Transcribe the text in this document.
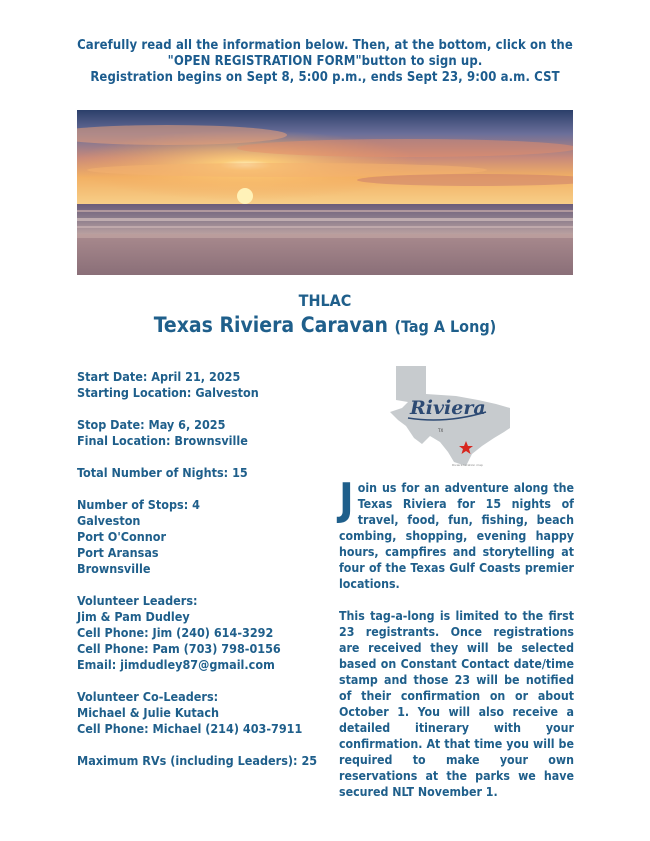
Carefully read all the information below. Then, at the bottom, click on the
"OPEN REGISTRATION FORM"button to sign up.
Registration begins on Sept 8, 5:00 p.m., ends Sept 23, 9:00 a.m. CST
THLAC
Texas Riviera Caravan (Tag A Long)
Start Date: April 21, 2025
Starting Location: Galveston
Stop Date: May 6, 2025
Final Location: Brownsville
Total Number of Nights: 15
Number of Stops: 4
Galveston
Port O'Connor
Port Aransas
Brownsville
Volunteer Leaders:
Jim & Pam Dudley
Cell Phone: Jim (240) 614-3292
Cell Phone: Pam (703) 798-0156
Email: jimdudley87@gmail.com
Volunteer Co-Leaders:
Michael & Julie Kutach
Cell Phone: Michael (214) 403-7911
Maximum RVs (including Leaders): 25
Riviera
TX
Riviera location map

Join us for an adventure along the Texas Riviera for 15 nights of travel, food, fun, fishing, beach combing, shopping, evening happy hours, campfires and storytelling at four of the Texas Gulf Coasts premier locations.

This tag-a-long is limited to the first 23 registrants. Once registrations are received they will be selected based on Constant Contact date/time stamp and those 23 will be notified of their confirmation on or about October 1. You will also receive a detailed itinerary with your confirmation. At that time you will be required to make your own reservations at the parks we have secured NLT November 1.
